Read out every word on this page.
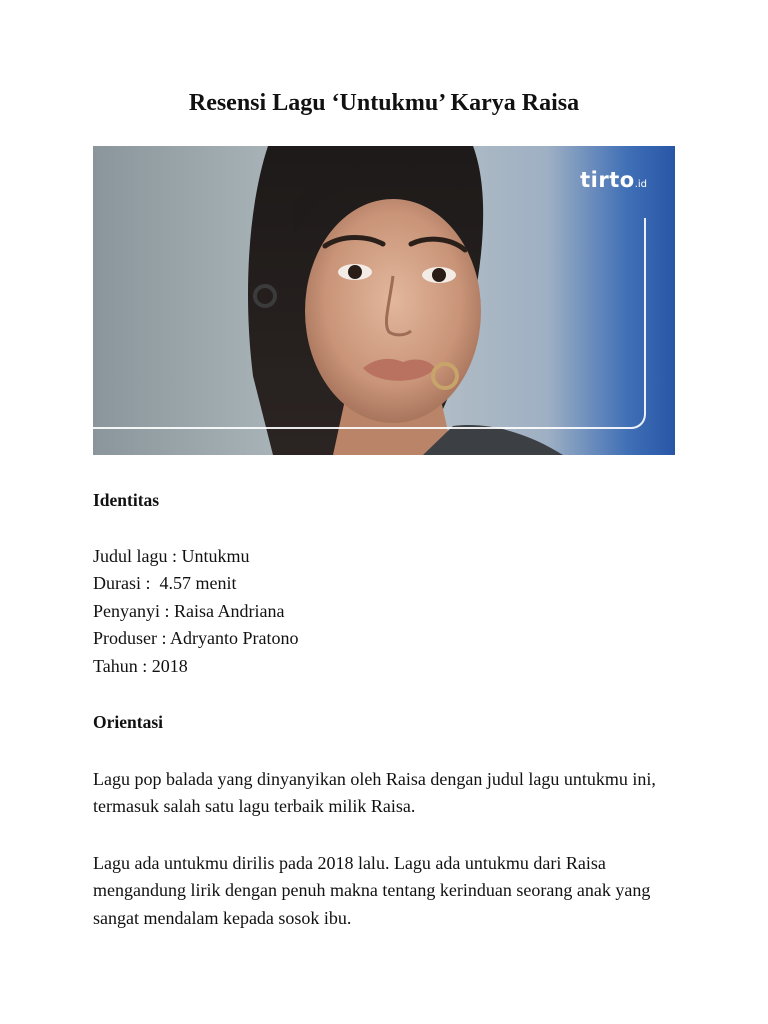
Resensi Lagu ‘Untukmu’ Karya Raisa
tirto.id
Identitas
Judul lagu : Untukmu
Durasi :  4.57 menit
Penyanyi : Raisa Andriana
Produser : Adryanto Pratono
Tahun : 2018
Orientasi

Lagu pop balada yang dinyanyikan oleh Raisa dengan judul lagu untukmu ini, termasuk salah satu lagu terbaik milik Raisa.

Lagu ada untukmu dirilis pada 2018 lalu. Lagu ada untukmu dari Raisa mengandung lirik dengan penuh makna tentang kerinduan seorang anak yang sangat mendalam kepada sosok ibu.
